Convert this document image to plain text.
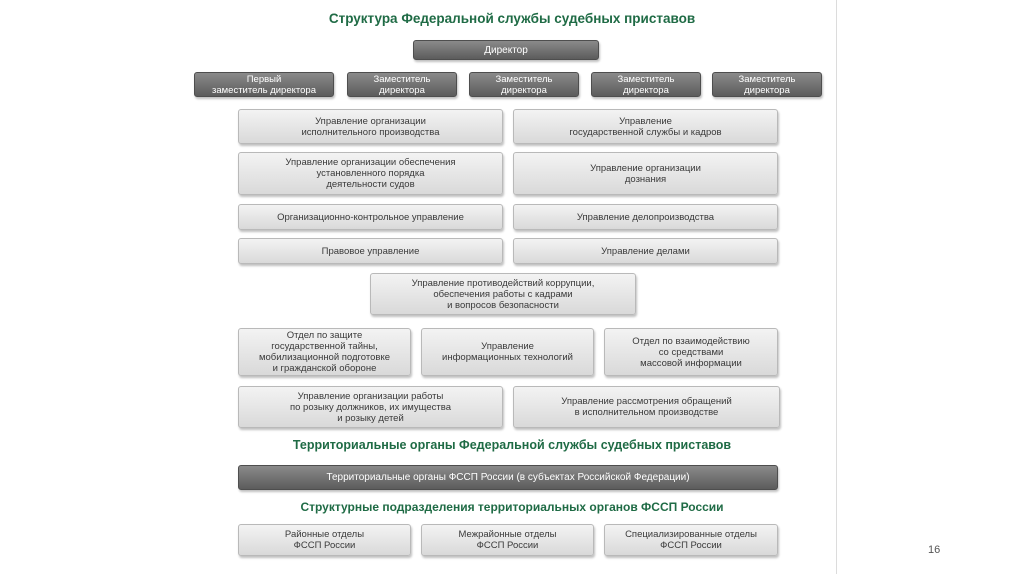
Структура Федеральной службы судебных приставов
Директор
Первый
заместитель директора
Заместитель
директора
Заместитель
директора
Заместитель
директора
Заместитель
директора
Управление организации
исполнительного производства
Управление
государственной службы и кадров
Управление организации обеспечения
установленного порядка
деятельности судов
Управление организации
дознания
Организационно-контрольное управление	Управление делопроизводства
Правовое управление	Управление делами
Управление противодействий коррупции,
обеспечения работы с кадрами
и вопросов безопасности
Отдел по защите
государственной тайны,
мобилизационной подготовке
и гражданской обороне
Управление
информационных технологий
Отдел по взаимодействию
со средствами
массовой информации
Управление организации работы
по розыку должников, их имущества
и розыку детей
Управление рассмотрения обращений
в исполнительном производстве
Территориальные органы Федеральной службы судебных приставов
Территориальные органы ФССП России (в субъектах Российской Федерации)
Структурные подразделения территориальных органов ФССП России
Районные отделы
ФССП России
Межрайонные отделы
ФССП России
Специализированные отделы
ФССП России	16
